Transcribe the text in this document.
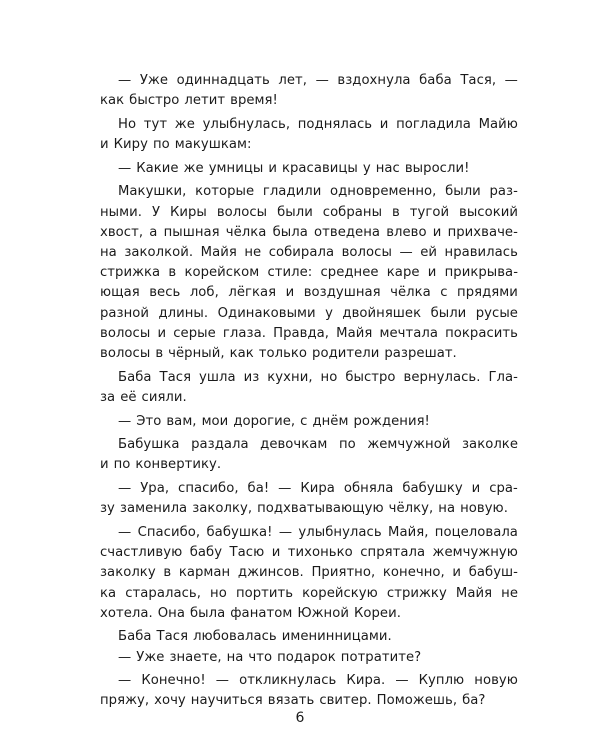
— Уже одиннадцать лет, — вздохнула баба Тася, —
как быстро летит время!
Но тут же улыбнулась, поднялась и погладила Майю
и Киру по макушкам:
— Какие же умницы и красавицы у нас выросли!
Макушки, которые гладили одновременно, были раз-
ными. У Киры волосы были собраны в тугой высокий
хвост, а пышная чёлка была отведена влево и прихваче-
на заколкой. Майя не собирала волосы — ей нравилась
стрижка в корейском стиле: среднее каре и прикрыва-
ющая весь лоб, лёгкая и воздушная чёлка с прядями
разной длины. Одинаковыми у двойняшек были русые
волосы и серые глаза. Правда, Майя мечтала покрасить
волосы в чёрный, как только родители разрешат.
Баба Тася ушла из кухни, но быстро вернулась. Гла-
за её сияли.
— Это вам, мои дорогие, с днём рождения!
Бабушка раздала девочкам по жемчужной заколке
и по конвертику.
— Ура, спасибо, ба! — Кира обняла бабушку и сра-
зу заменила заколку, подхватывающую чёлку, на новую.
— Спасибо, бабушка! — улыбнулась Майя, поцеловала
счастливую бабу Тасю и тихонько спрятала жемчужную
заколку в карман джинсов. Приятно, конечно, и бабуш-
ка старалась, но портить корейскую стрижку Майя не
хотела. Она была фанатом Южной Кореи.
Баба Тася любовалась именинницами.
— Уже знаете, на что подарок потратите?
— Конечно! — откликнулась Кира. — Куплю новую
пряжу, хочу научиться вязать свитер. Поможешь, ба?
6
